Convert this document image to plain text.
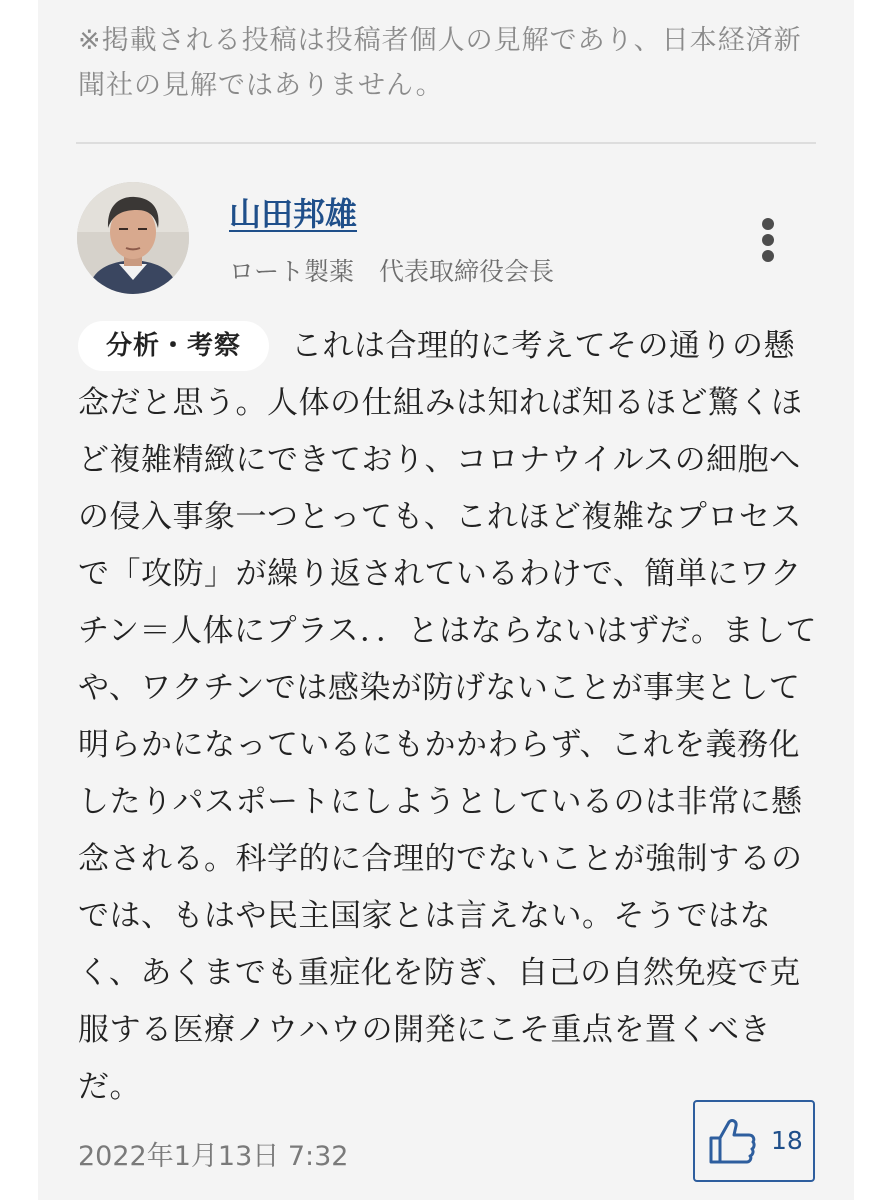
※掲載される投稿は投稿者個人の見解であり、日本経済新聞社の見解ではありません。

山田邦雄
ロート製薬　代表取締役会長

分析・考察 これは合理的に考えてその通りの懸念だと思う。人体の仕組みは知れば知るほど驚くほど複雑精緻にできており、コロナウイルスの細胞への侵入事象一つとっても、これほど複雑なプロセスで「攻防」が繰り返されているわけで、簡単にワクチン＝人体にプラス．．とはならないはずだ。ましてや、ワクチンでは感染が防げないことが事実として明らかになっているにもかかわらず、これを義務化したりパスポートにしようとしているのは非常に懸念される。科学的に合理的でないことが強制するのでは、もはや民主国家とは言えない。そうではなく、あくまでも重症化を防ぎ、自己の自然免疫で克服する医療ノウハウの開発にこそ重点を置くべきだ。

2022年1月13日 7:32
18
